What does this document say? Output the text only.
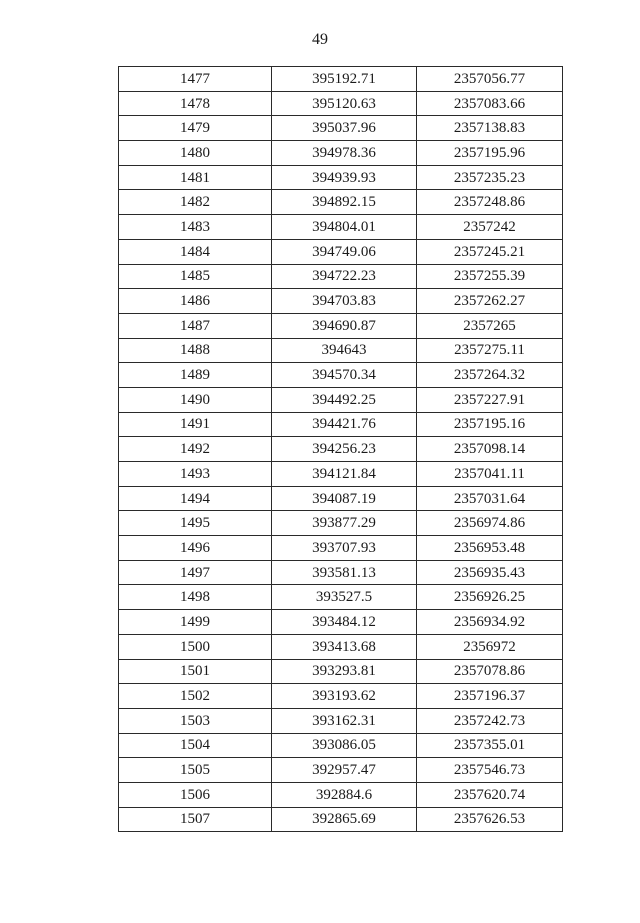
49
1477	395192.71	2357056.77
1478	395120.63	2357083.66
1479	395037.96	2357138.83
1480	394978.36	2357195.96
1481	394939.93	2357235.23
1482	394892.15	2357248.86
1483	394804.01	2357242
1484	394749.06	2357245.21
1485	394722.23	2357255.39
1486	394703.83	2357262.27
1487	394690.87	2357265
1488	394643	2357275.11
1489	394570.34	2357264.32
1490	394492.25	2357227.91
1491	394421.76	2357195.16
1492	394256.23	2357098.14
1493	394121.84	2357041.11
1494	394087.19	2357031.64
1495	393877.29	2356974.86
1496	393707.93	2356953.48
1497	393581.13	2356935.43
1498	393527.5	2356926.25
1499	393484.12	2356934.92
1500	393413.68	2356972
1501	393293.81	2357078.86
1502	393193.62	2357196.37
1503	393162.31	2357242.73
1504	393086.05	2357355.01
1505	392957.47	2357546.73
1506	392884.6	2357620.74
1507	392865.69	2357626.53
